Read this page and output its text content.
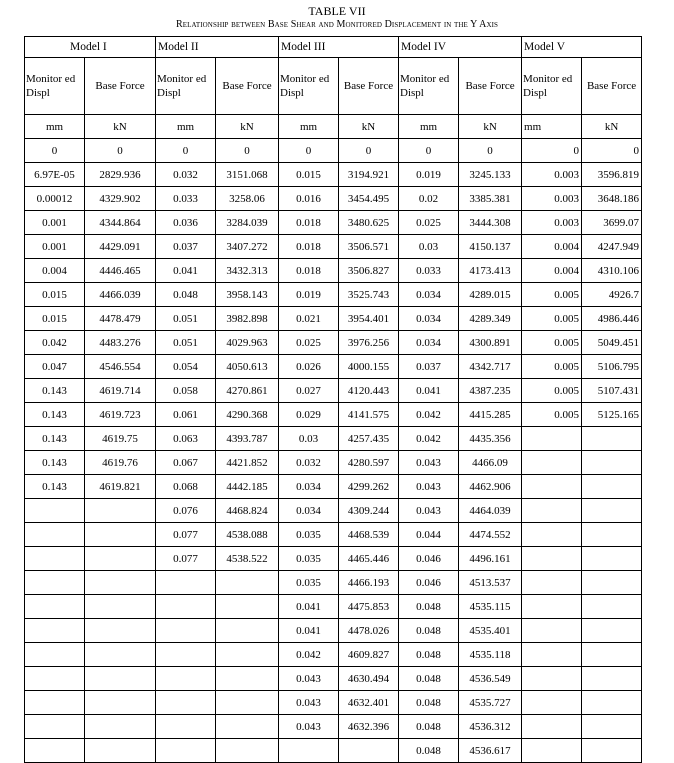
TABLE VII
Relationship between Base Shear and Monitored Displacement in the Y Axis
Model I		Model II		Model III		Model IV		Model V	
Monitor ed Displ	Base Force	Monitor ed Displ	Base Force	Monitor ed Displ	Base Force	Monitor ed Displ	Base Force	Monitor ed Displ	Base Force
mm	kN	mm	kN	mm	kN	mm	kN	mm	kN
0	0	0	0	0	0	0	0	0	0
6.97E-05	2829.936	0.032	3151.068	0.015	3194.921	0.019	3245.133	0.003	3596.819
0.00012	4329.902	0.033	3258.06	0.016	3454.495	0.02	3385.381	0.003	3648.186
0.001	4344.864	0.036	3284.039	0.018	3480.625	0.025	3444.308	0.003	3699.07
0.001	4429.091	0.037	3407.272	0.018	3506.571	0.03	4150.137	0.004	4247.949
0.004	4446.465	0.041	3432.313	0.018	3506.827	0.033	4173.413	0.004	4310.106
0.015	4466.039	0.048	3958.143	0.019	3525.743	0.034	4289.015	0.005	4926.7
0.015	4478.479	0.051	3982.898	0.021	3954.401	0.034	4289.349	0.005	4986.446
0.042	4483.276	0.051	4029.963	0.025	3976.256	0.034	4300.891	0.005	5049.451
0.047	4546.554	0.054	4050.613	0.026	4000.155	0.037	4342.717	0.005	5106.795
0.143	4619.714	0.058	4270.861	0.027	4120.443	0.041	4387.235	0.005	5107.431
0.143	4619.723	0.061	4290.368	0.029	4141.575	0.042	4415.285	0.005	5125.165
0.143	4619.75	0.063	4393.787	0.03	4257.435	0.042	4435.356		
0.143	4619.76	0.067	4421.852	0.032	4280.597	0.043	4466.09		
0.143	4619.821	0.068	4442.185	0.034	4299.262	0.043	4462.906		
		0.076	4468.824	0.034	4309.244	0.043	4464.039		
		0.077	4538.088	0.035	4468.539	0.044	4474.552		
		0.077	4538.522	0.035	4465.446	0.046	4496.161		
				0.035	4466.193	0.046	4513.537		
				0.041	4475.853	0.048	4535.115		
				0.041	4478.026	0.048	4535.401		
				0.042	4609.827	0.048	4535.118		
				0.043	4630.494	0.048	4536.549		
				0.043	4632.401	0.048	4535.727		
				0.043	4632.396	0.048	4536.312		
						0.048	4536.617		
